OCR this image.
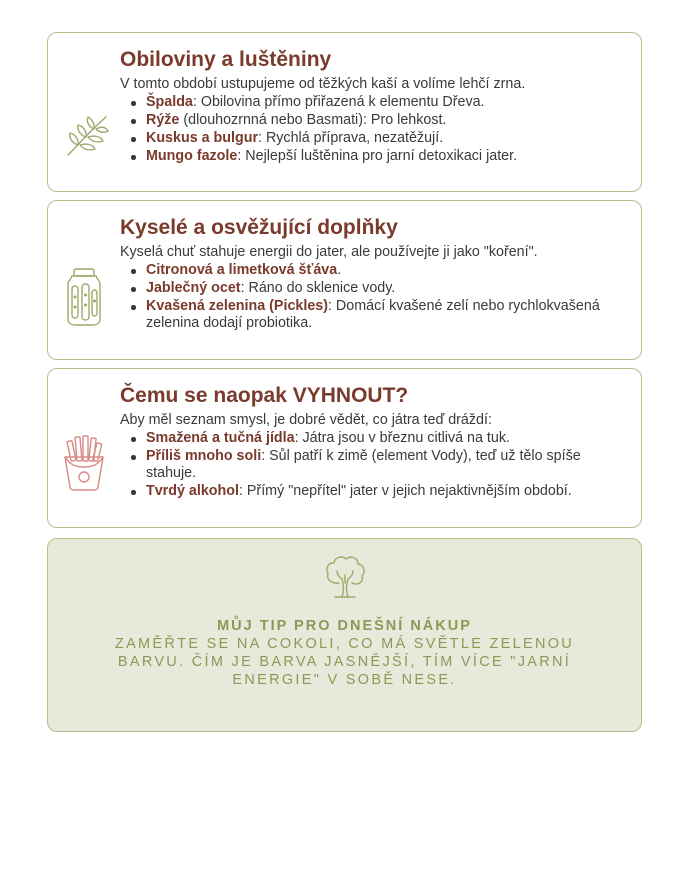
Obiloviny a luštěniny

V tomto období ustupujeme od těžkých kaší a volíme lehčí zrna.

Špalda: Obilovina přímo přiřazená k elementu Dřeva.
Rýže (dlouhozrnná nebo Basmati): Pro lehkost.
Kuskus a bulgur: Rychlá příprava, nezatěžují.
Mungo fazole: Nejlepší luštěnina pro jarní detoxikaci jater.
Kyselé a osvěžující doplňky

Kyselá chuť stahuje energii do jater, ale používejte ji jako "koření".

Citronová a limetková šťáva.
Jablečný ocet: Ráno do sklenice vody.
Kvašená zelenina (Pickles): Domácí kvašené zelí nebo rychlokvašená zelenina dodají probiotika.
Čemu se naopak VYHNOUT?

Aby měl seznam smysl, je dobré vědět, co játra teď dráždí:

Smažená a tučná jídla: Játra jsou v březnu citlivá na tuk.
Příliš mnoho soli: Sůl patří k zimě (element Vody), teď už tělo spíše stahuje.
Tvrdý alkohol: Přímý "nepřítel" jater v jejich nejaktivnějším období.
MŮJ TIP PRO DNEŠNÍ NÁKUP
ZAMĚŘTE SE NA COKOLI, CO MÁ SVĚTLE ZELENOU BARVU. ČÍM JE BARVA JASNĚJŠÍ, TÍM VÍCE "JARNÍ ENERGIE" V SOBĚ NESE.
